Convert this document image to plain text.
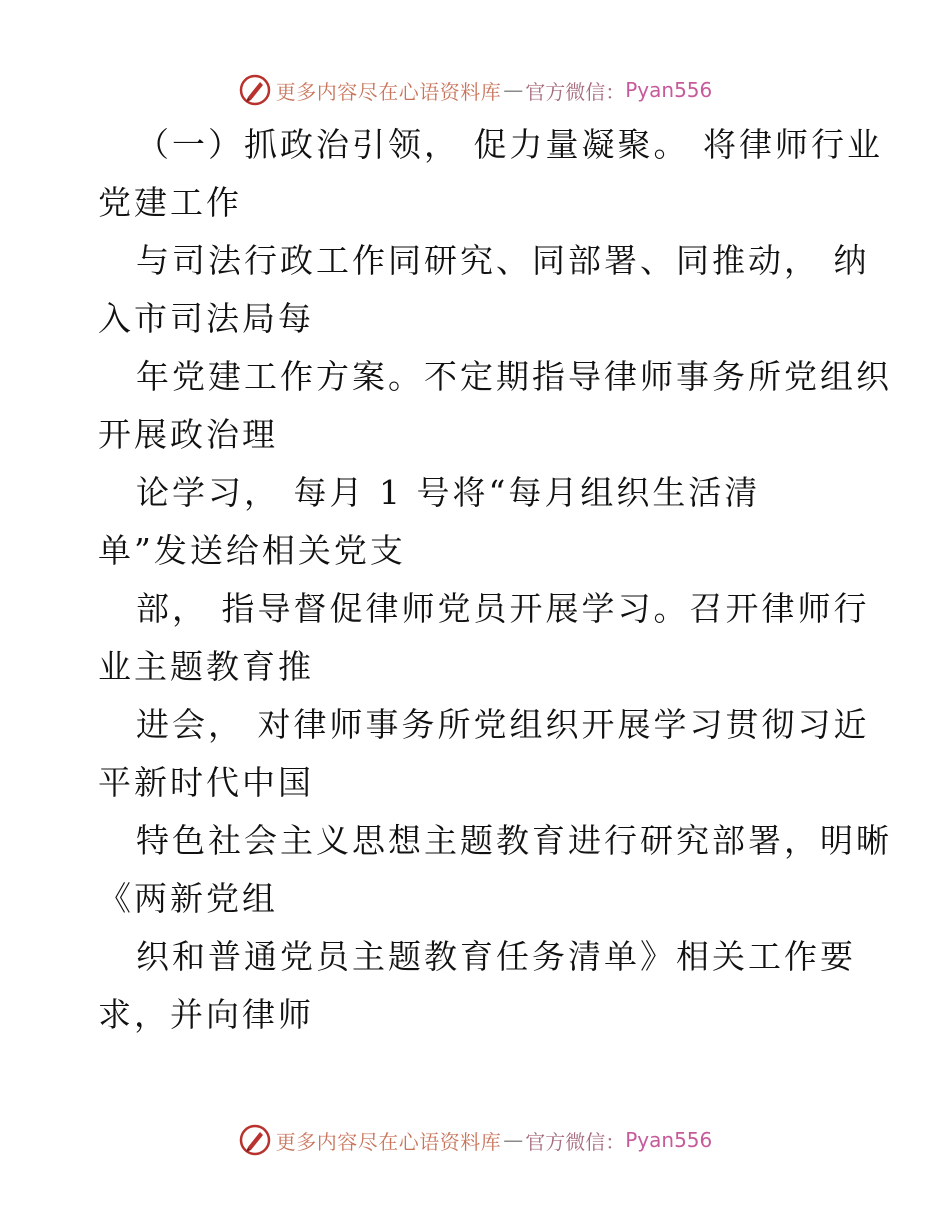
更多内容尽在心语资料库 — 官方微信： Pyan556
（一）抓政治引领， 促力量凝聚。 将律师行业
党建工作
与司法行政工作同研究、同部署、同推动， 纳
入市司法局每
年党建工作方案。不定期指导律师事务所党组织
开展政治理
论学习， 每月 1 号将“每月组织生活清
单”发送给相关党支
部， 指导督促律师党员开展学习。召开律师行
业主题教育推
进会， 对律师事务所党组织开展学习贯彻习近
平新时代中国
特色社会主义思想主题教育进行研究部署，明晰
《两新党组
织和普通党员主题教育任务清单》相关工作要
求，并向律师
更多内容尽在心语资料库 — 官方微信： Pyan556
